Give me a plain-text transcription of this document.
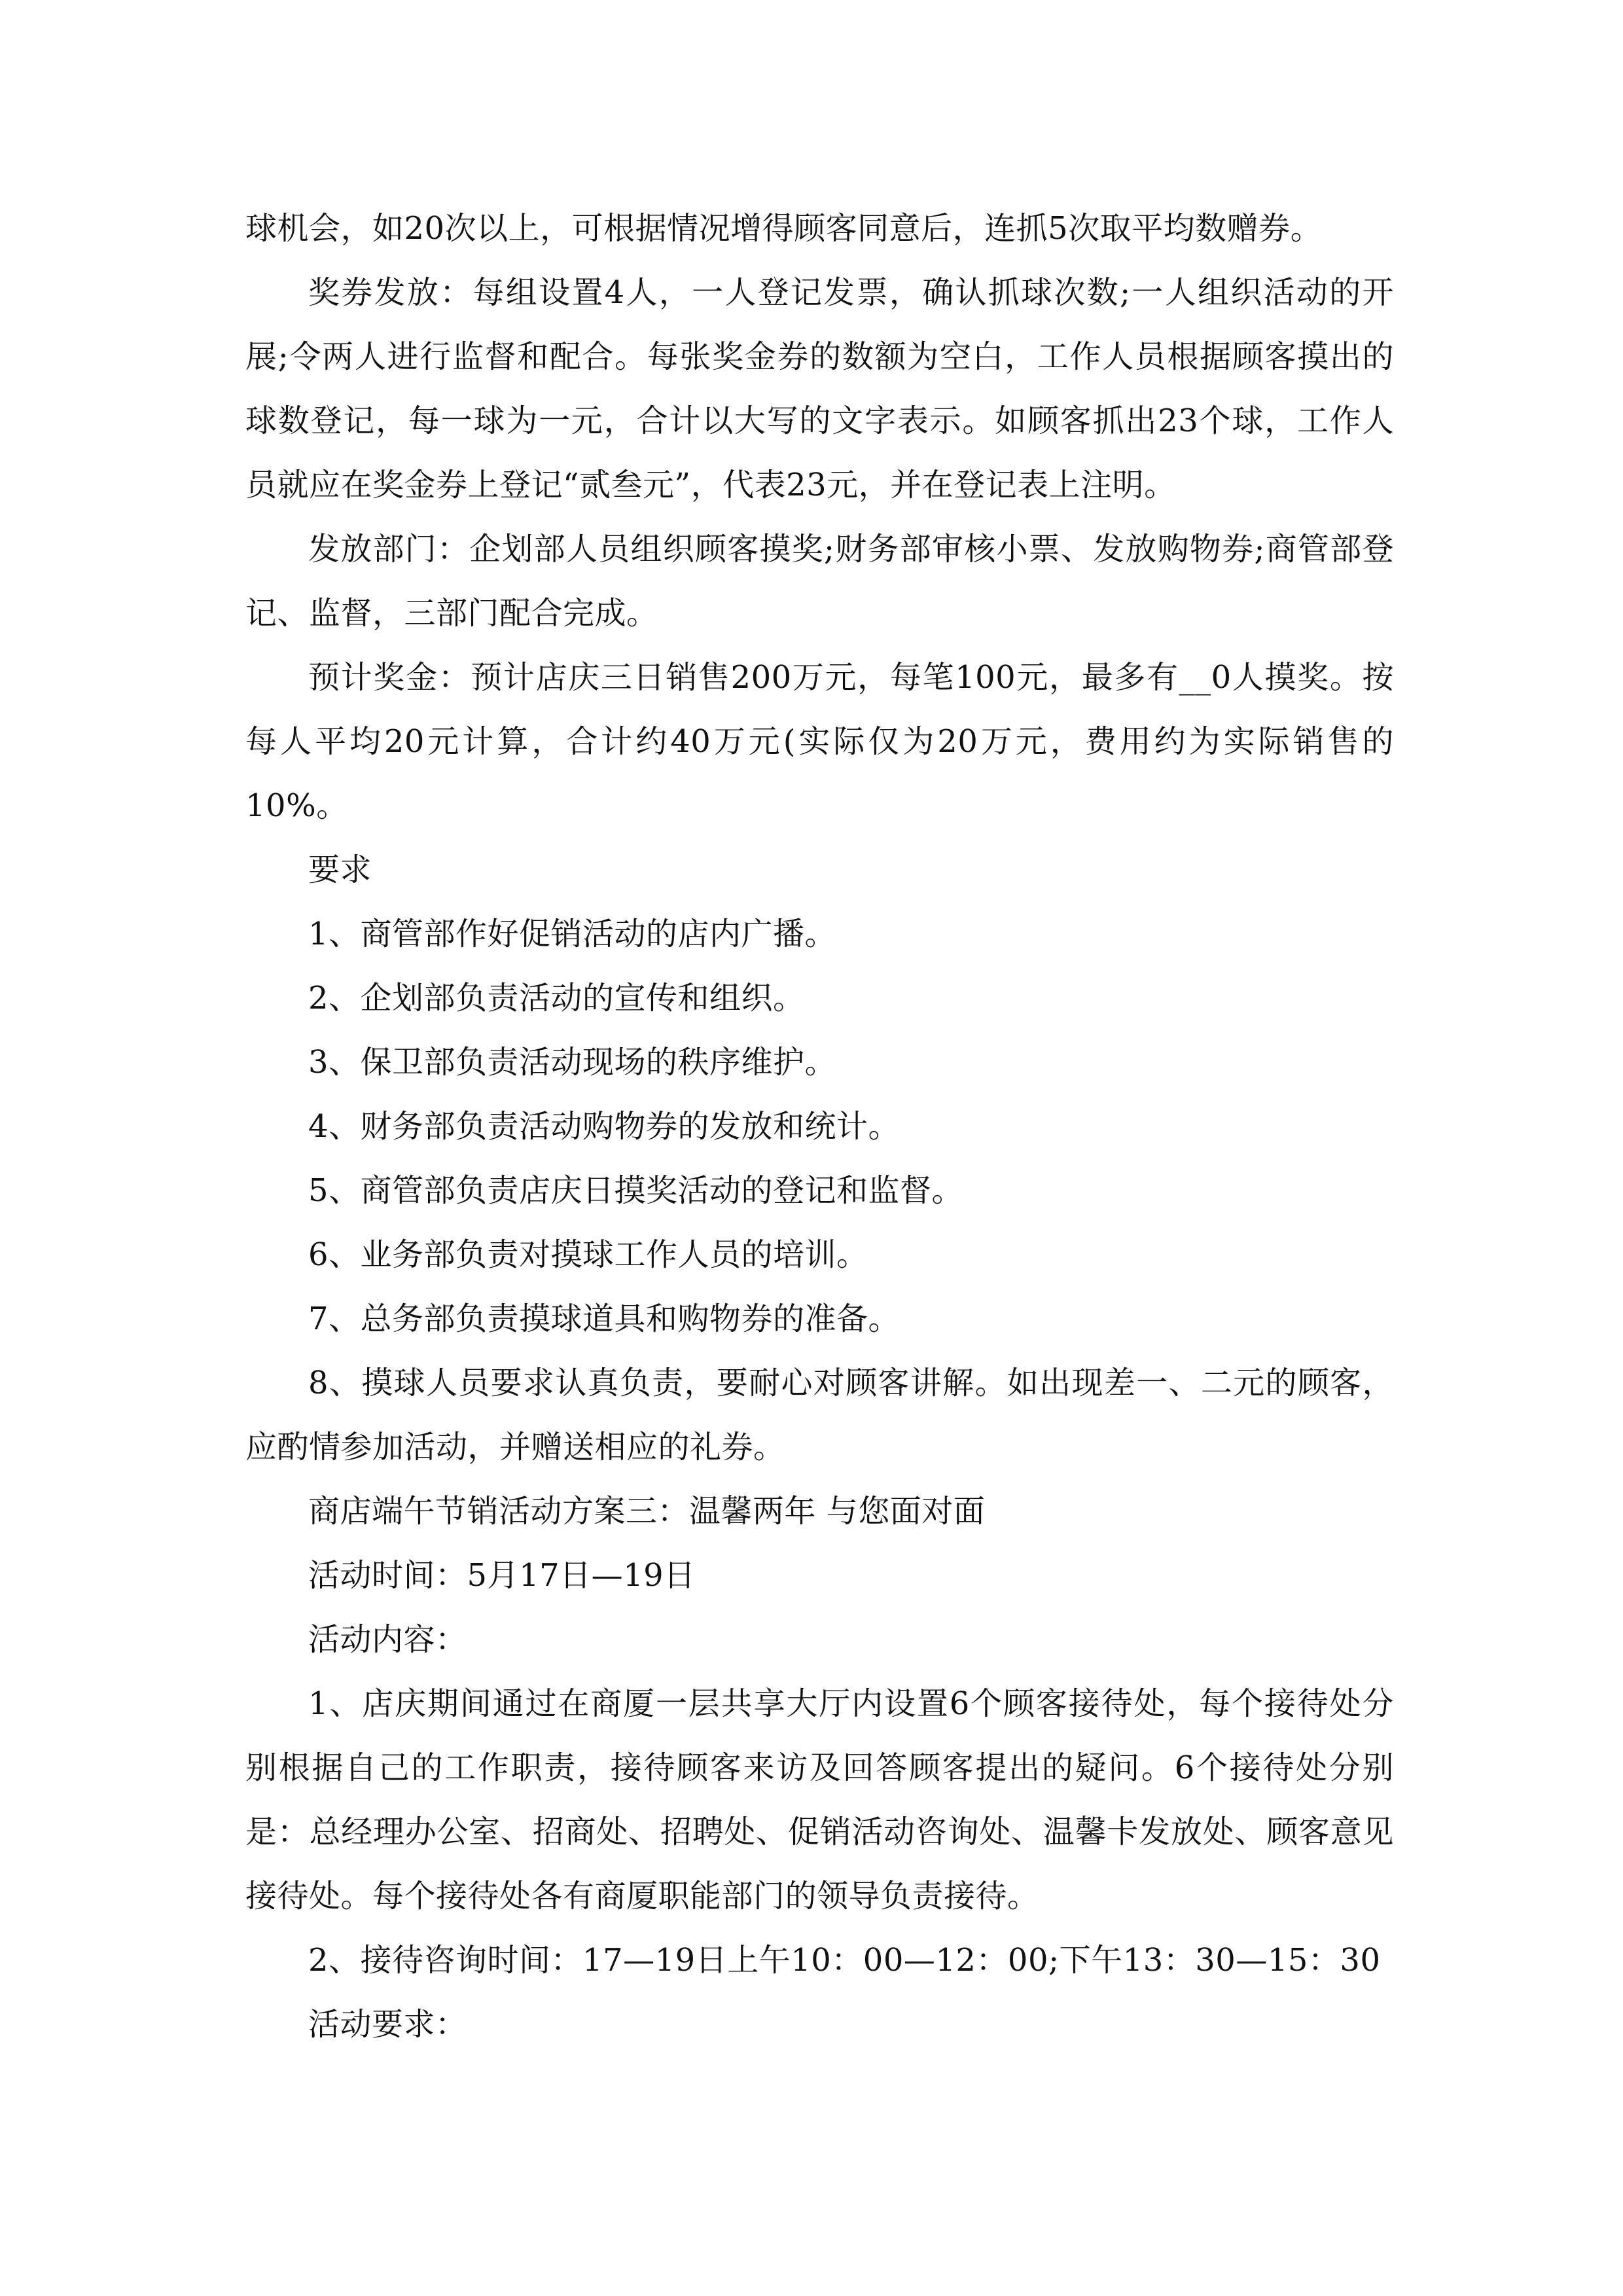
球机会，如20次以上，可根据情况增得顾客同意后，连抓5次取平均数赠券。

奖券发放：每组设置4人，一人登记发票，确认抓球次数;一人组织活动的开展;令两人进行监督和配合。每张奖金券的数额为空白，工作人员根据顾客摸出的球数登记，每一球为一元，合计以大写的文字表示。如顾客抓出23个球，工作人员就应在奖金券上登记“贰叁元”，代表23元，并在登记表上注明。

发放部门：企划部人员组织顾客摸奖;财务部审核小票、发放购物券;商管部登记、监督，三部门配合完成。

预计奖金：预计店庆三日销售200万元，每笔100元，最多有__0人摸奖。按每人平均20元计算，合计约40万元(实际仅为20万元，费用约为实际销售的10%。

要求

1、商管部作好促销活动的店内广播。

2、企划部负责活动的宣传和组织。

3、保卫部负责活动现场的秩序维护。

4、财务部负责活动购物券的发放和统计。

5、商管部负责店庆日摸奖活动的登记和监督。

6、业务部负责对摸球工作人员的培训。

7、总务部负责摸球道具和购物券的准备。

8、摸球人员要求认真负责，要耐心对顾客讲解。如出现差一、二元的顾客，应酌情参加活动，并赠送相应的礼券。

商店端午节销活动方案三：温馨两年 与您面对面

活动时间：5月17日—19日

活动内容：

1、店庆期间通过在商厦一层共享大厅内设置6个顾客接待处，每个接待处分别根据自己的工作职责，接待顾客来访及回答顾客提出的疑问。6个接待处分别是：总经理办公室、招商处、招聘处、促销活动咨询处、温馨卡发放处、顾客意见接待处。每个接待处各有商厦职能部门的领导负责接待。

2、接待咨询时间：17—19日上午10：00—12：00;下午13：30—15：30

活动要求：
